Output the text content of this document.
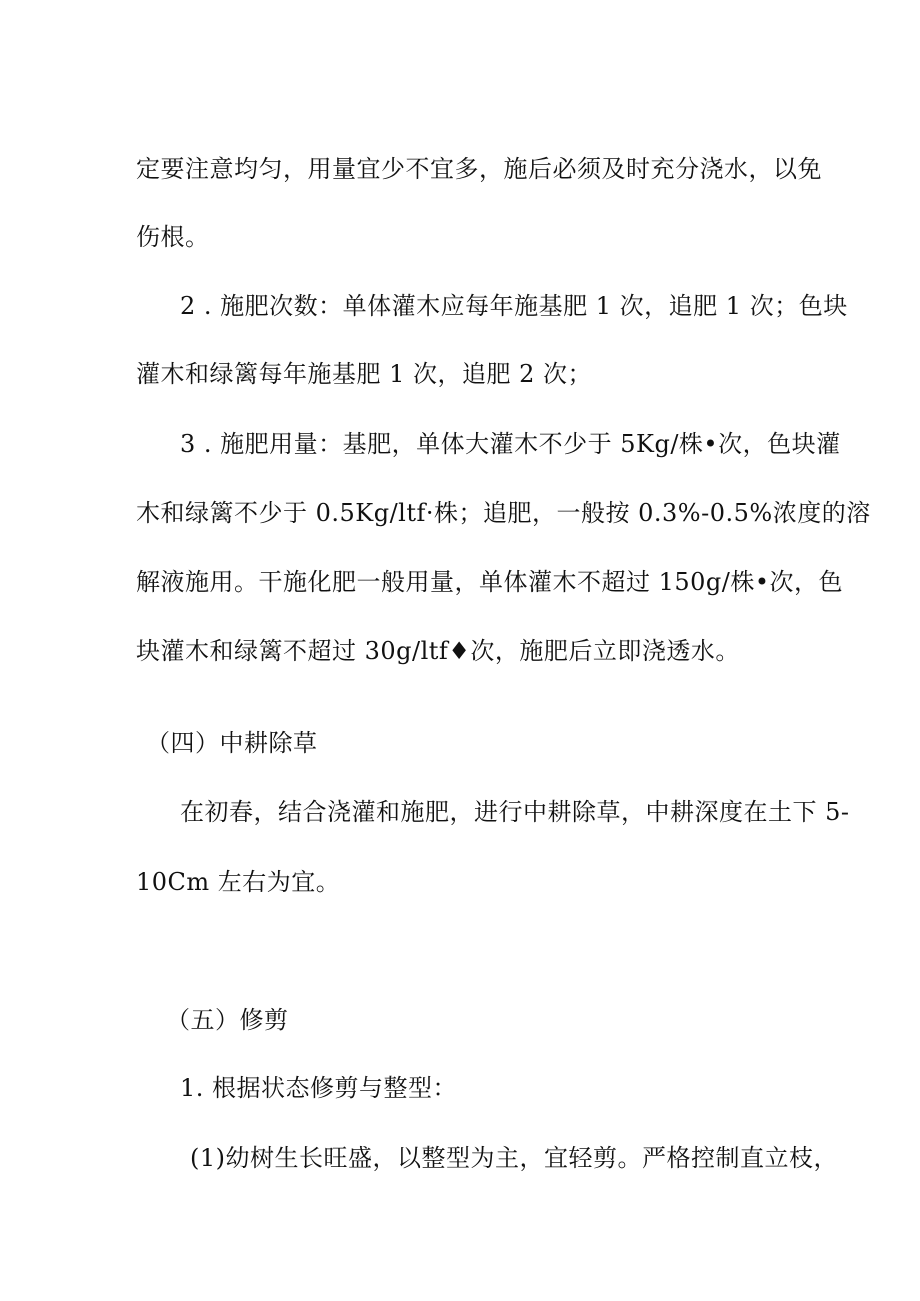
定要注意均匀，用量宜少不宜多，施后必须及时充分浇水，以免

伤根。

2 . 施肥次数：单体灌木应每年施基肥 1 次，追肥 1 次；色块

灌木和绿篱每年施基肥 1 次，追肥 2 次；

3 . 施肥用量：基肥，单体大灌木不少于 5Kg/株•次，色块灌

木和绿篱不少于 0.5Kg/ltf·株；追肥，一般按 0.3%-0.5%浓度的溶

解液施用。干施化肥一般用量，单体灌木不超过 150g/株•次，色

块灌木和绿篱不超过 30g/ltf♦次，施肥后立即浇透水。

（四）中耕除草

在初春，结合浇灌和施肥，进行中耕除草，中耕深度在土下 5-

10Cm 左右为宜。

（五）修剪

1. 根据状态修剪与整型：

(1)幼树生长旺盛，以整型为主，宜轻剪。严格控制直立枝，
